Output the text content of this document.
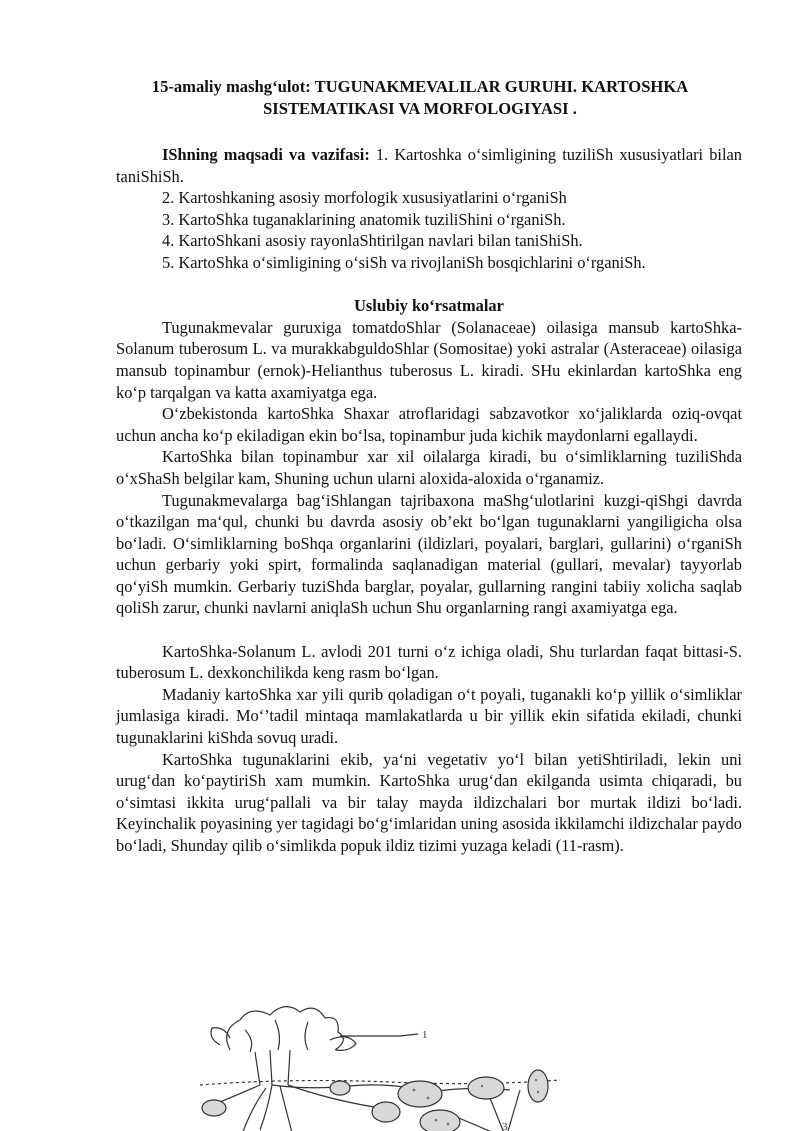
15-amaliy mashg‘ulot: TUGUNAKMEVALILAR GURUHI. KARTOSHKA
SISTEMATIKASI VA MORFOLOGIYASI .

IShning maqsadi va vazifasi: 1. Kartoshka o‘simligining tuziliSh xususiyatlari bilan taniShiSh.

2. Kartoshkaning asosiy morfologik xususiyatlarini o‘rganiSh

3. KartoShka tuganaklarining anatomik tuziliShini o‘rganiSh.

4. KartoShkani asosiy rayonlaShtirilgan navlari bilan taniShiSh.

5. KartoShka o‘simligining o‘siSh va rivojlaniSh bosqichlarini o‘rganiSh.

Uslubiy ko‘rsatmalar

Tugunakmevalar guruxiga tomatdoShlar (Solanaceae) oilasiga mansub kartoShka-Solanum tuberosum L. va murakkabguldoShlar (Somositae) yoki astralar (Asteraceae) oilasiga mansub topinambur (ernok)-Helianthus tuberosus L. kiradi. SHu ekinlardan kartoShka eng ko‘p tarqalgan va katta axamiyatga ega.

O‘zbekistonda kartoShka Shaxar atroflaridagi sabzavotkor xo‘jaliklarda oziq-ovqat uchun ancha ko‘p ekiladigan ekin bo‘lsa, topinambur juda kichik maydonlarni egallaydi.

KartoShka bilan topinambur xar xil oilalarga kiradi, bu o‘simliklarning tuziliShda o‘xShaSh belgilar kam, Shuning uchun ularni aloxida-aloxida o‘rganamiz.

Tugunakmevalarga bag‘iShlangan tajribaxona maShg‘ulotlarini kuzgi-qiShgi davrda o‘tkazilgan ma‘qul, chunki bu davrda asosiy ob’ekt bo‘lgan tugunaklarni yangiligicha olsa bo‘ladi. O‘simliklarning boShqa organlarini (ildizlari, poyalari, barglari, gullarini) o‘rganiSh uchun gerbariy yoki spirt, formalinda saqlanadigan material (gullari, mevalar) tayyorlab qo‘yiSh mumkin. Gerbariy tuziShda barglar, poyalar, gullarning rangini tabiiy xolicha saqlab qoliSh zarur, chunki navlarni aniqlaSh uchun Shu organlarning rangi axamiyatga ega.

KartoShka-Solanum L. avlodi 201 turni o‘z ichiga oladi, Shu turlardan faqat bittasi-S. tuberosum L. dexkonchilikda keng rasm bo‘lgan.

Madaniy kartoShka xar yili qurib qoladigan o‘t poyali, tuganakli ko‘p yillik o‘simliklar jumlasiga kiradi. Mo‘’tadil mintaqa mamlakatlarda u bir yillik ekin sifatida ekiladi, chunki tugunaklarini kiShda sovuq uradi.

KartoShka tugunaklarini ekib, ya‘ni vegetativ yo‘l bilan yetiShtiriladi, lekin uni urug‘dan ko‘paytiriSh xam mumkin. KartoShka urug‘dan ekilganda usimta chiqaradi, bu o‘simtasi ikkita urug‘pallali va bir talay mayda ildizchalari bor murtak ildizi bo‘ladi. Keyinchalik poyasining yer tagidagi bo‘g‘imlaridan uning asosida ikkilamchi ildizchalar paydo bo‘ladi, Shunday qilib o‘simlikda popuk ildiz tizimi yuzaga keladi (11-rasm).

1
3
